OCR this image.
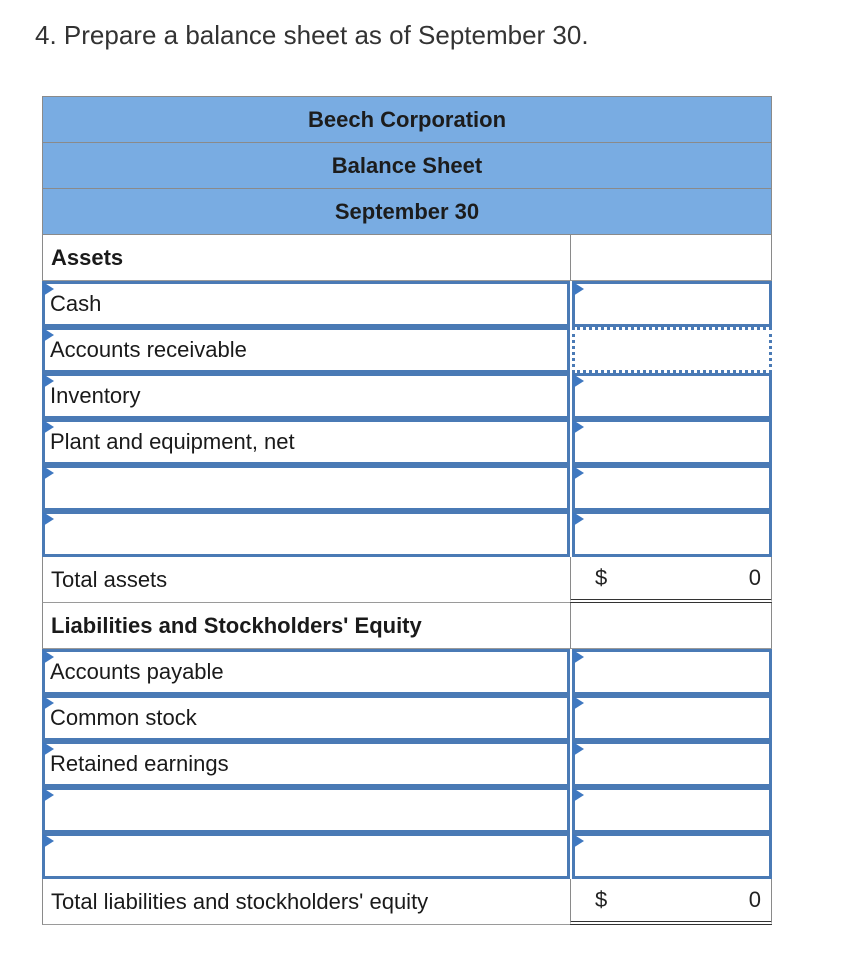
4. Prepare a balance sheet as of September 30.
Beech Corporation
Balance Sheet
September 30
Assets
Cash
Accounts receivable
Inventory
Plant and equipment, net
Total assets	$	0
Liabilities and Stockholders' Equity
Accounts payable
Common stock
Retained earnings
Total liabilities and stockholders' equity	$	0
